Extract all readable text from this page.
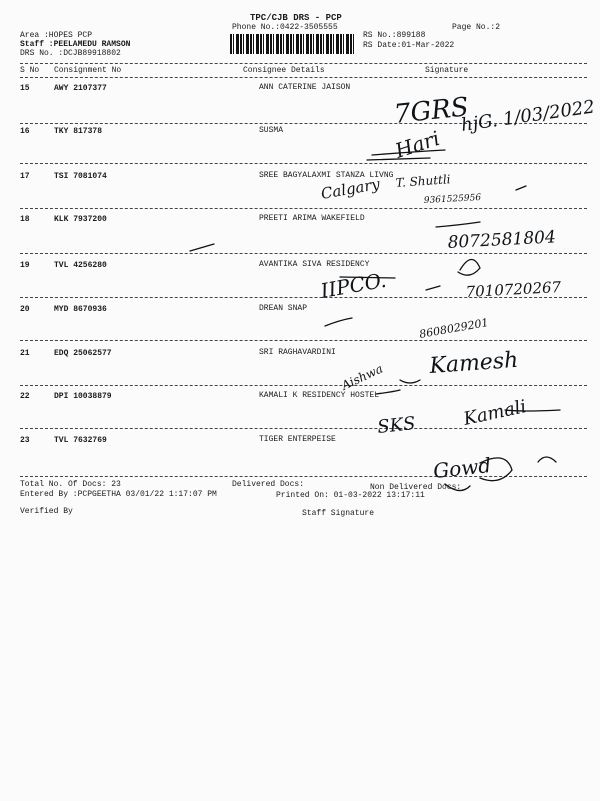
TPC/CJB DRS - PCP
Phone No.:0422-3505555	Page No.:2
Area :HOPES PCP
Staff :PEELAMEDU RAMSON
DRS No. :DCJB89918802
RS No.:899188
RS Date:01-Mar-2022
S No Consignment No	Consignee Details	Signature
15	AWY 2107377	ANN CATERINE JAISON
16	TKY 817378	SUSMA
17	TSI 7081074	SREE BAGYALAXMI STANZA LIVNG
18	KLK 7937200	PREETI ARIMA WAKEFIELD
19	TVL 4256280	AVANTIKA SIVA RESIDENCY
20	MYD 8670936	DREAN SNAP
21	EDQ 25062577	SRI RAGHAVARDINI
22	DPI 10038879	KAMALI K RESIDENCY HOSTEL
23	TVL 7632769	TIGER ENTERPEISE
Total No. Of Docs: 23	Delivered Docs:	Non Delivered Docs:
Entered By :PCPGEETHA 03/01/22 1:17:07 PM	Printed On: 01-03-2022 13:17:11
Verified By	Staff Signature
7GRS
hjG. 1/03/2022
Hari
Calgary T. Shuttli
9361525956
8072581804
IIPCO.	7010720267
8608029201
Aishwa Kamesh
SKS	Kamali
Gowd
